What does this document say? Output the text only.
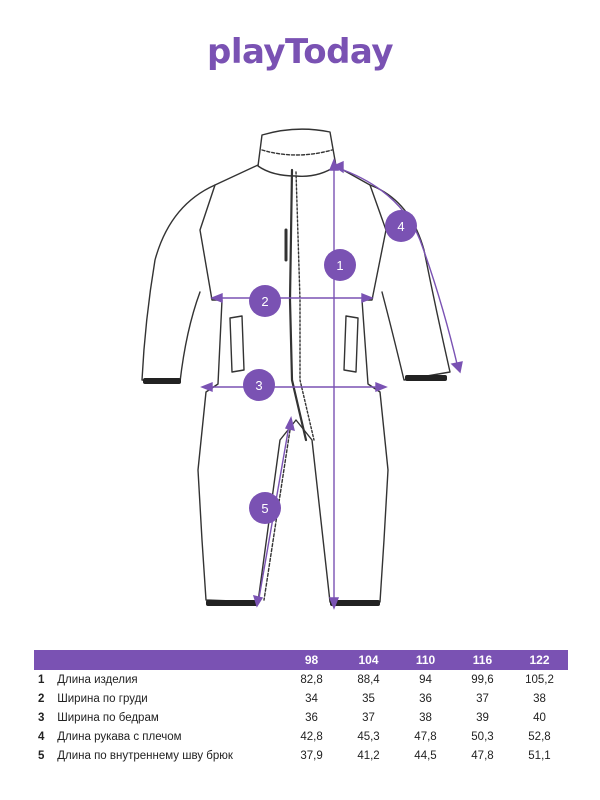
playToday
1
2
3
4
5
		98	104	110	116	122
1	Длина изделия	82,8	88,4	94	99,6	105,2
2	Ширина по груди	34	35	36	37	38
3	Ширина по бедрам	36	37	38	39	40
4	Длина рукава с плечом	42,8	45,3	47,8	50,3	52,8
5	Длина по внутреннему шву брюк	37,9	41,2	44,5	47,8	51,1
